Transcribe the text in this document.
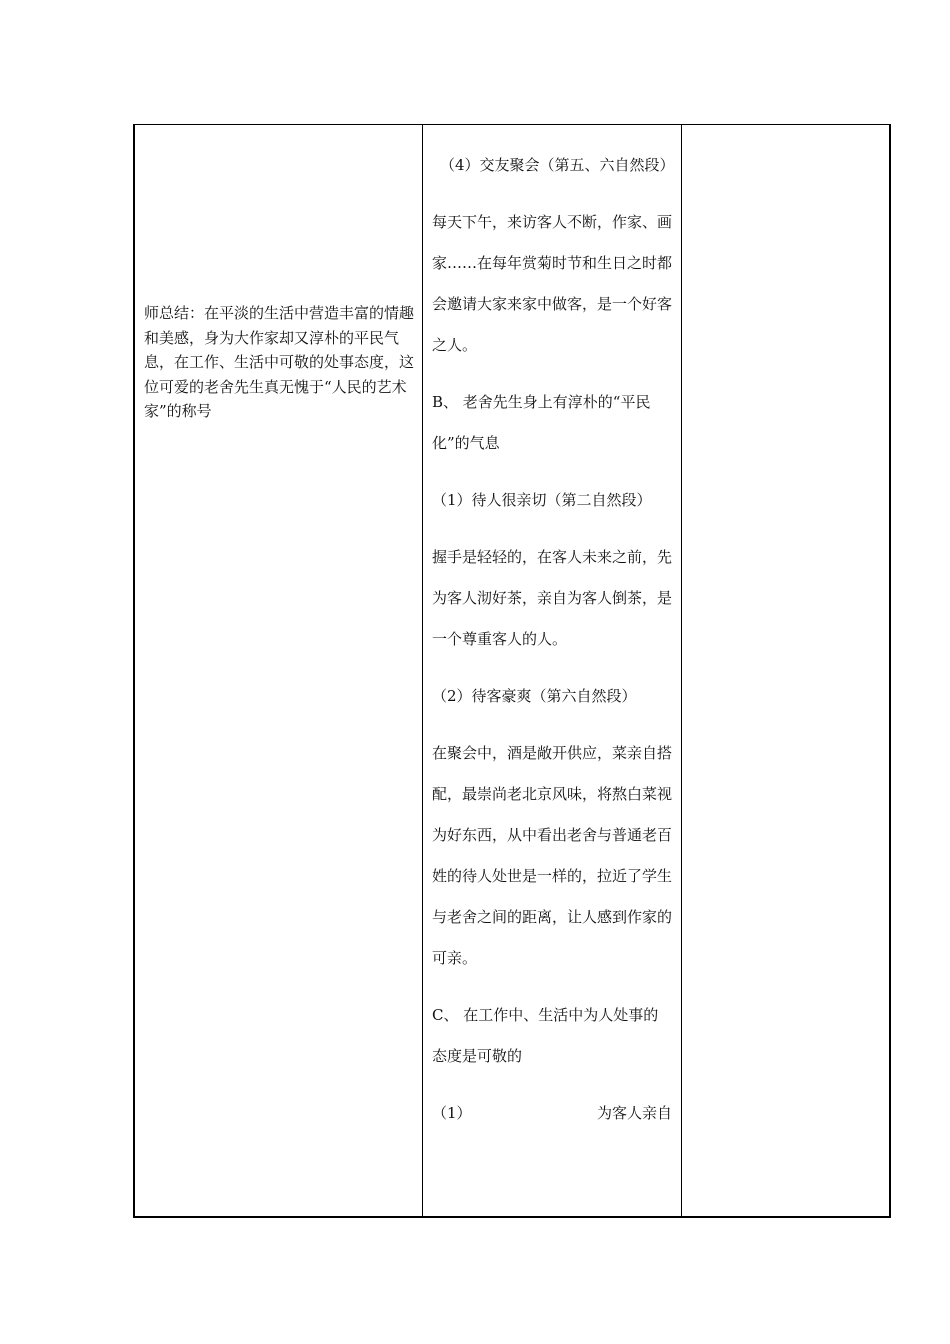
师总结：在平淡的生活中营造丰富的情趣和美感，身为大作家却又淳朴的平民气息，在工作、生活中可敬的处事态度，这位可爱的老舍先生真无愧于“人民的艺术家”的称号
（4）交友聚会（第五、六自然段）
每天下午，来访客人不断，作家、画家……在每年赏菊时节和生日之时都会邀请大家来家中做客，是一个好客之人。
B、 老舍先生身上有淳朴的“平民化”的气息
（1）待人很亲切（第二自然段）
握手是轻轻的，在客人未来之前，先为客人沏好茶，亲自为客人倒茶，是一个尊重客人的人。
（2）待客豪爽（第六自然段）
在聚会中，酒是敞开供应，菜亲自搭配，最崇尚老北京风味，将熬白菜视为好东西，从中看出老舍与普通老百姓的待人处世是一样的，拉近了学生与老舍之间的距离，让人感到作家的可亲。
C、 在工作中、生活中为人处事的态度是可敬的
（1）	为客人亲自
